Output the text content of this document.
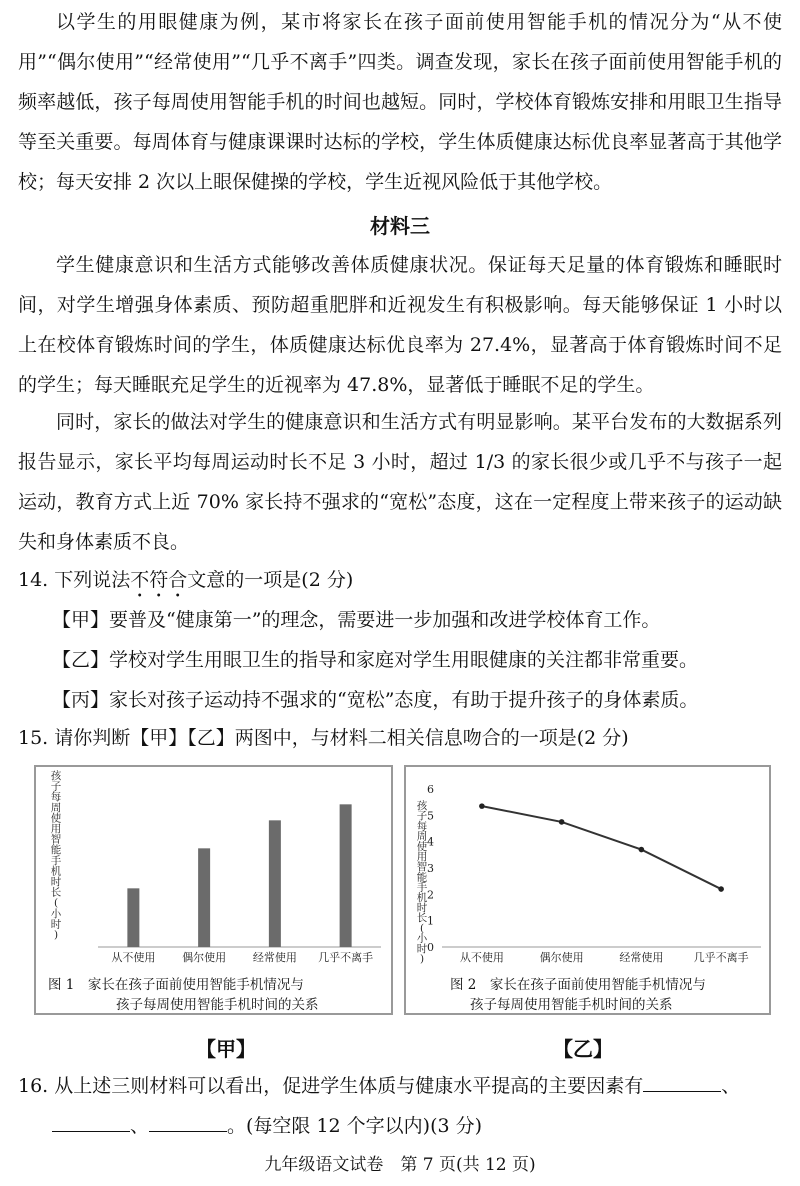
以学生的用眼健康为例，某市将家长在孩子面前使用智能手机的情况分为“从不使用”“偶尔使用”“经常使用”“几乎不离手”四类。调查发现，家长在孩子面前使用智能手机的频率越低，孩子每周使用智能手机的时间也越短。同时，学校体育锻炼安排和用眼卫生指导等至关重要。每周体育与健康课课时达标的学校，学生体质健康达标优良率显著高于其他学校；每天安排 2 次以上眼保健操的学校，学生近视风险低于其他学校。
材料三
学生健康意识和生活方式能够改善体质健康状况。保证每天足量的体育锻炼和睡眠时间，对学生增强身体素质、预防超重肥胖和近视发生有积极影响。每天能够保证 1 小时以上在校体育锻炼时间的学生，体质健康达标优良率为 27.4%，显著高于体育锻炼时间不足的学生；每天睡眠充足学生的近视率为 47.8%，显著低于睡眠不足的学生。
同时，家长的做法对学生的健康意识和生活方式有明显影响。某平台发布的大数据系列报告显示，家长平均每周运动时长不足 3 小时，超过 1/3 的家长很少或几乎不与孩子一起运动，教育方式上近 70% 家长持不强求的“宽松”态度，这在一定程度上带来孩子的运动缺失和身体素质不良。
14. 下列说法不符合文意的一项是(2 分)
【甲】要普及“健康第一”的理念，需要进一步加强和改进学校体育工作。
【乙】学校对学生用眼卫生的指导和家庭对学生用眼健康的关注都非常重要。
【丙】家长对孩子运动持不强求的“宽松”态度，有助于提升孩子的身体素质。
15. 请你判断【甲】【乙】两图中，与材料二相关信息吻合的一项是(2 分)
孩
子
每
周
使
用
智
能
手
机
时
长
(
小
时
)
从不使用 偶尔使用 经常使用 几乎不离手
图 1　家长在孩子面前使用智能手机情况与
孩子每周使用智能手机时间的关系
【甲】
孩
子
每
周
使
用
智
能
手
机
时
长
(
小
时
)
0
1
2
3
4
5
6
从不使用	偶尔使用	经常使用	几乎不离手
图 2　家长在孩子面前使用智能手机情况与
孩子每周使用智能手机时间的关系
【乙】
16. 从上述三则材料可以看出，促进学生体质与健康水平提高的主要因素有	、
、	。(每空限 12 个字以内)(3 分)
九年级语文试卷　第 7 页(共 12 页)
